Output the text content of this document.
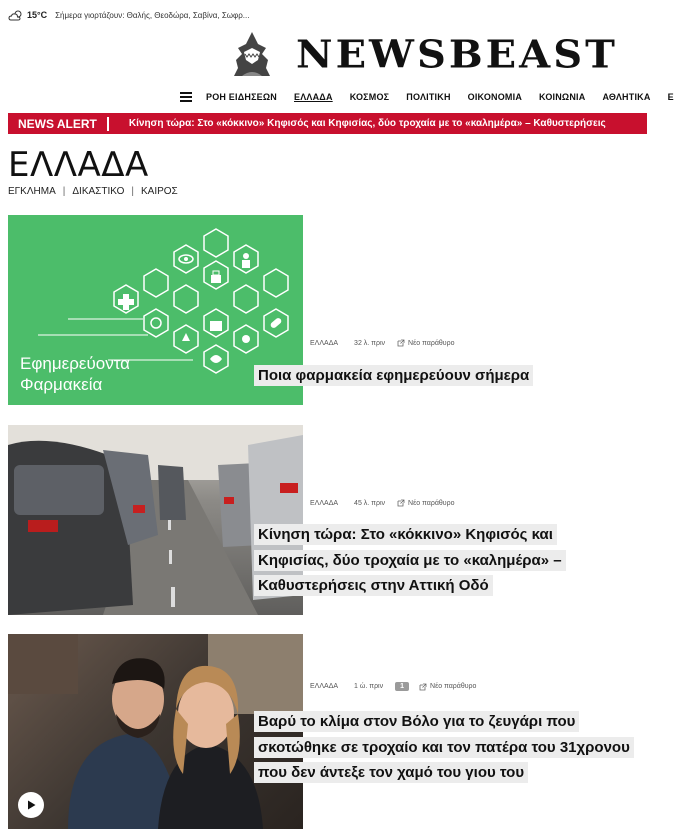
15°C Σήμερα γιορτάζουν: Θαλής, Θεοδώρα, Σαβίνα, Σωφρ...
NEWSBEAST
ΡΟΗ ΕΙΔΗΣΕΩΝ ΕΛΛΑΔΑ ΚΟΣΜΟΣ ΠΟΛΙΤΙΚΗ ΟΙΚΟΝΟΜΙΑ ΚΟΙΝΩΝΙΑ ΑΘΛΗΤΙΚΑ Ε
NEWS ALERT	Κίνηση τώρα: Στο «κόκκινο» Κηφισός και Κηφισίας, δύο τροχαία με το «καλημέρα» – Καθυστερήσεις
ΕΛΛΑΔΑ
ΕΓΚΛΗΜΑ | ΔΙΚΑΣΤΙΚΟ | ΚΑΙΡΟΣ
Εφημερεύοντα
Φαρμακεία
ΕΛΛΑΔΑ 32 λ. πριν	Νέο παράθυρο
Ποια φαρμακεία εφημερεύουν σήμερα
ΕΛΛΑΔΑ 45 λ. πριν	Νέο παράθυρο
Κίνηση τώρα: Στο «κόκκινο» Κηφισός και Κηφισίας, δύο τροχαία με το «καλημέρα» – Καθυστερήσεις στην Αττική Οδό
ΕΛΛΑΔΑ 1 ώ. πριν	1	Νέο παράθυρο
Βαρύ το κλίμα στον Βόλο για το ζευγάρι που σκοτώθηκε σε τροχαίο και τον πατέρα του 31χρονου που δεν άντεξε τον χαμό του γιου του
